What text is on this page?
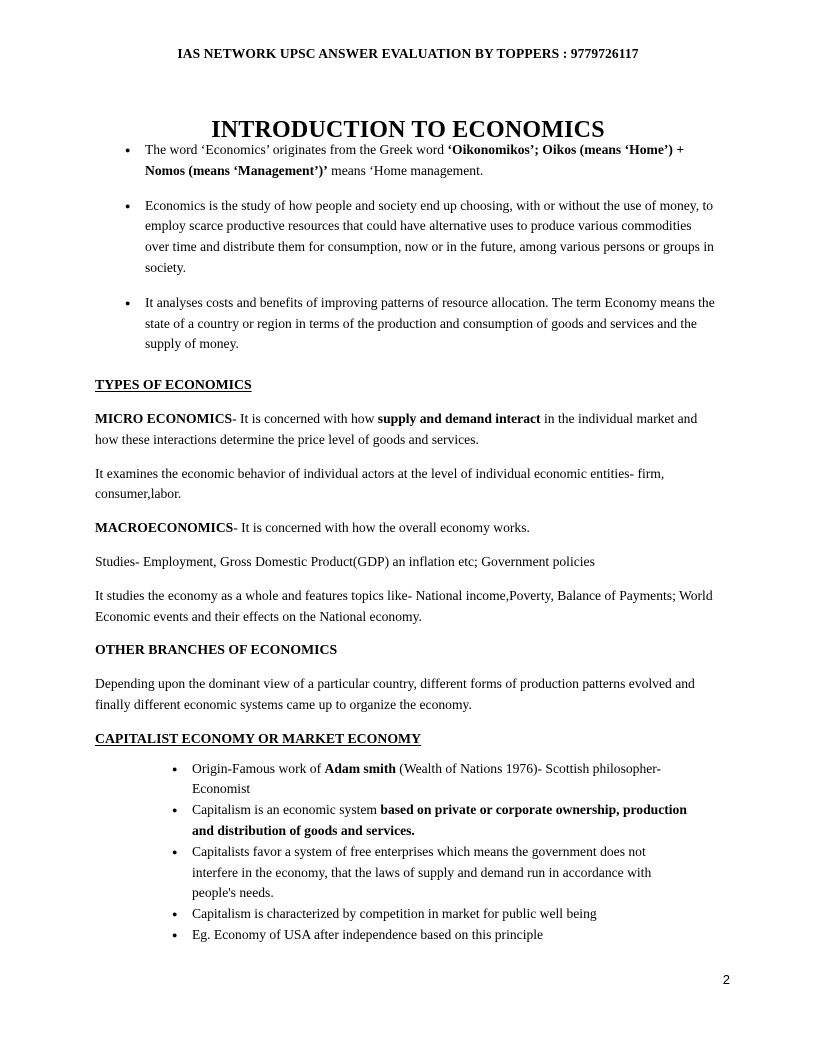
IAS NETWORK UPSC ANSWER EVALUATION BY TOPPERS : 9779726117
INTRODUCTION TO ECONOMICS
● The word ‘Economics’ originates from the Greek word ‘Oikonomikos’; Oikos (means ‘Home’) + Nomos (means ‘Management’)’ means ‘Home management.
● Economics is the study of how people and society end up choosing, with or without the use of money, to employ scarce productive resources that could have alternative uses to produce various commodities over time and distribute them for consumption, now or in the future, among various persons or groups in society.
● It analyses costs and benefits of improving patterns of resource allocation. The term Economy means the state of a country or region in terms of the production and consumption of goods and services and the supply of money.
TYPES OF ECONOMICS

MICRO ECONOMICS- It is concerned with how supply and demand interact in the individual market and how these interactions determine the price level of goods and services.

It examines the economic behavior of individual actors at the level of individual economic entities- firm, consumer,labor.

MACROECONOMICS- It is concerned with how the overall economy works.

Studies- Employment, Gross Domestic Product(GDP) an inflation etc; Government policies

It studies the economy as a whole and features topics like- National income,Poverty, Balance of Payments; World Economic events and their effects on the National economy.

OTHER BRANCHES OF ECONOMICS

Depending upon the dominant view of a particular country, different forms of production patterns evolved and finally different economic systems came up to organize the economy.

CAPITALIST ECONOMY OR MARKET ECONOMY
● Origin-Famous work of Adam smith (Wealth of Nations 1976)- Scottish philosopher-Economist
● Capitalism is an economic system based on private or corporate ownership, production and distribution of goods and services.
● Capitalists favor a system of free enterprises which means the government does not interfere in the economy, that the laws of supply and demand run in accordance with people's needs.
● Capitalism is characterized by competition in market for public well being
● Eg. Economy of USA after independence based on this principle
2
